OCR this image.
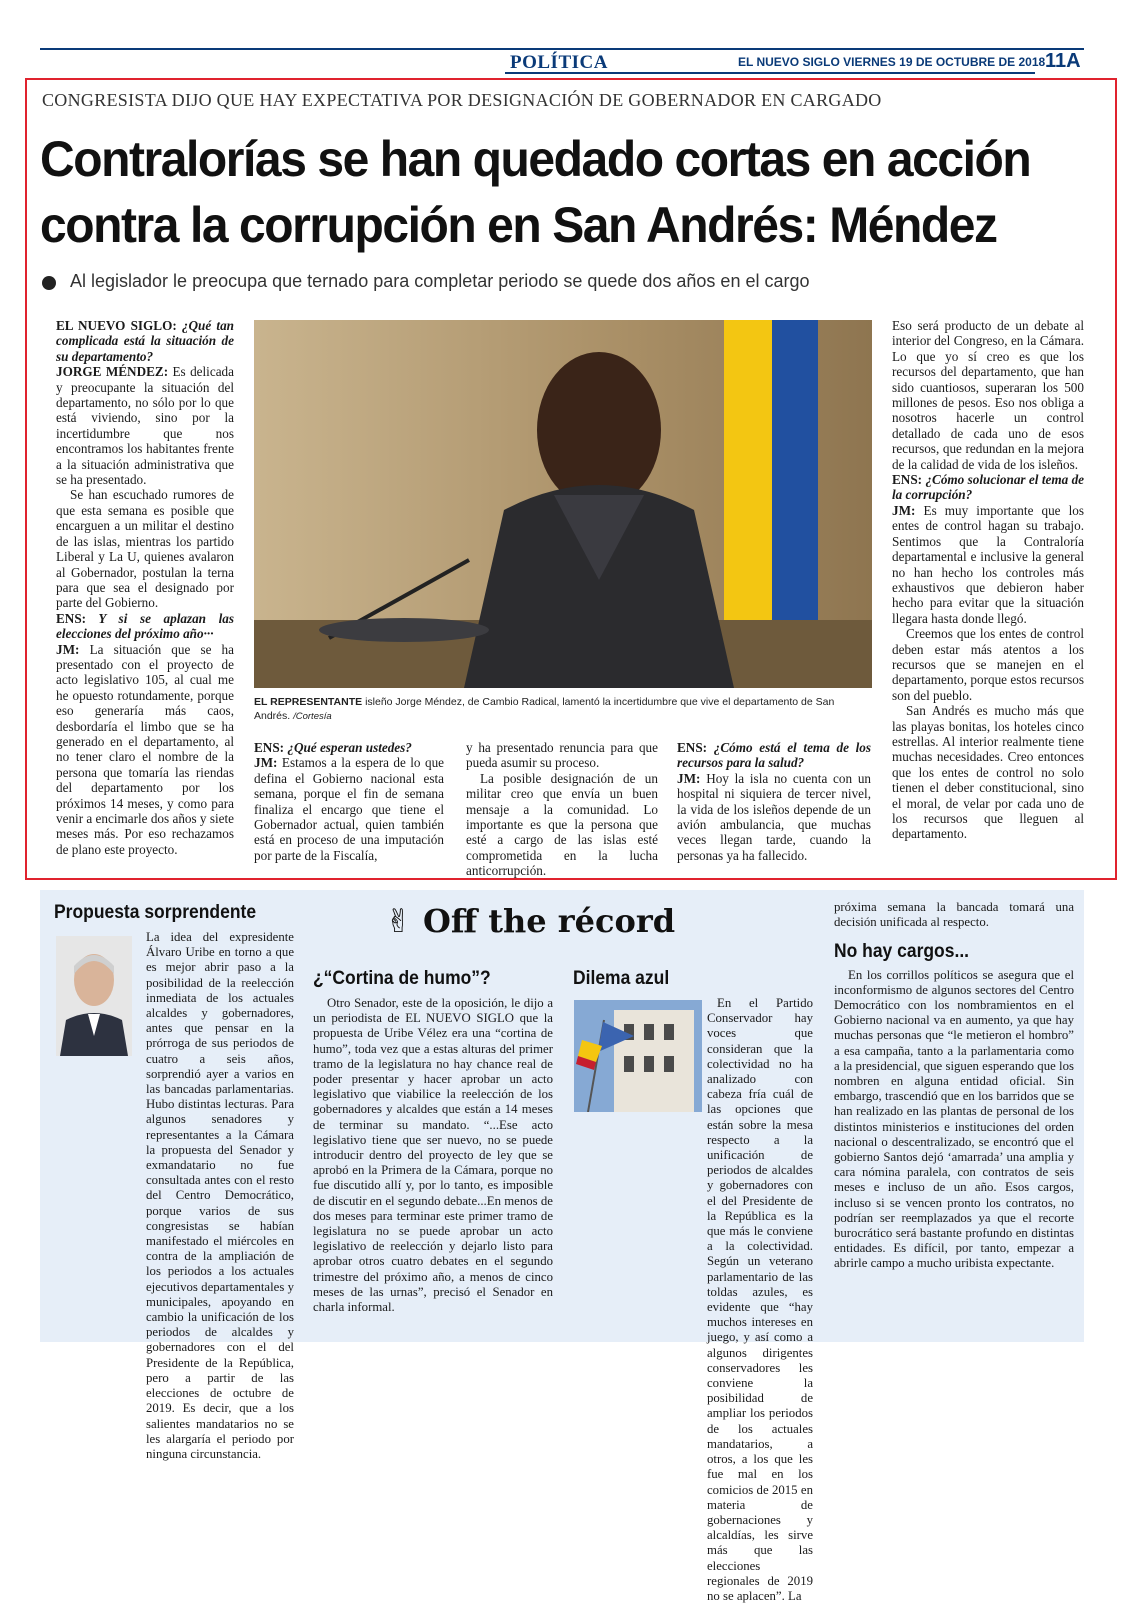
POLÍTICA	EL NUEVO SIGLO VIERNES 19 DE OCTUBRE DE 2018 11A
CONGRESISTA DIJO QUE HAY EXPECTATIVA POR DESIGNACIÓN DE GOBERNADOR EN CARGADO
Contralorías se han quedado cortas en acción
contra la corrupción en San Andrés: Méndez
Al legislador le preocupa que ternado para completar periodo se quede dos años en el cargo

EL NUEVO SIGLO: ¿Qué tan complicada está la situación de su departamento?

JORGE MÉNDEZ: Es delicada y preocupante la situación del departamento, no sólo por lo que está viviendo, sino por la incertidumbre que nos encontramos los habitantes frente a la situación administrativa que se ha presentado.

Se han escuchado rumores de que esta semana es posible que encarguen a un militar el destino de las islas, mientras los partido Liberal y La U, quienes avalaron al Gobernador, postulan la terna para que sea el designado por parte del Gobierno.

ENS: Y si se aplazan las elecciones del próximo año···

JM: La situación que se ha presentado con el proyecto de acto legislativo 105, al cual me he opuesto rotundamente, porque eso generaría más caos, desbordaría el limbo que se ha generado en el departamento, al no tener claro el nombre de la persona que tomaría las riendas del departamento por los próximos 14 meses, y como para venir a encimarle dos años y siete meses más. Por eso rechazamos de plano este proyecto.

EL REPRESENTANTE isleño Jorge Méndez, de Cambio Radical, lamentó la incertidumbre que vive el departamento de San Andrés. /Cortesía

ENS: ¿Qué esperan ustedes?

JM: Estamos a la espera de lo que defina el Gobierno nacional esta semana, porque el fin de semana finaliza el encargo que tiene el Gobernador actual, quien también está en proceso de una imputación por parte de la Fiscalía,

y ha presentado renuncia para que pueda asumir su proceso.

La posible designación de un militar creo que envía un buen mensaje a la comunidad. Lo importante es que la persona que esté a cargo de las islas esté comprometida en la lucha anticorrupción.

ENS: ¿Cómo está el tema de los recursos para la salud?

JM: Hoy la isla no cuenta con un hospital ni siquiera de tercer nivel, la vida de los isleños depende de un avión ambulancia, que muchas veces llegan tarde, cuando la personas ya ha fallecido.

Eso será producto de un debate al interior del Congreso, en la Cámara. Lo que yo sí creo es que los recursos del departamento, que han sido cuantiosos, superaran los 500 millones de pesos. Eso nos obliga a nosotros hacerle un control detallado de cada uno de esos recursos, que redundan en la mejora de la calidad de vida de los isleños.

ENS: ¿Cómo solucionar el tema de la corrupción?

JM: Es muy importante que los entes de control hagan su trabajo. Sentimos que la Contraloría departamental e inclusive la general no han hecho los controles más exhaustivos que debieron haber hecho para evitar que la situación llegara hasta donde llegó.

Creemos que los entes de control deben estar más atentos a los recursos que se manejen en el departamento, porque estos recursos son del pueblo.

San Andrés es mucho más que las playas bonitas, los hoteles cinco estrellas. Al interior realmente tiene muchas necesidades. Creo entonces que los entes de control no solo tienen el deber constitucional, sino el moral, de velar por cada uno de los recursos que lleguen al departamento.

✌ Off the récord
Propuesta sorprendente

La idea del expresidente Álvaro Uribe en torno a que es mejor abrir paso a la posibilidad de la reelección inmediata de los actuales alcaldes y gobernadores, antes que pensar en la prórroga de sus periodos de cuatro a seis años, sorprendió ayer a varios en las bancadas parlamentarias. Hubo distintas lecturas. Para algunos senadores y representantes a la Cámara la propuesta del Senador y exmandatario no fue consultada antes con el resto del Centro Democrático, porque varios de sus congresistas se habían manifestado el miércoles en contra de la ampliación de los periodos a los actuales ejecutivos departamentales y municipales, apoyando en cambio la unificación de los periodos de alcaldes y gobernadores con el del Presidente de la República, pero a partir de las elecciones de octubre de 2019. Es decir, que a los salientes mandatarios no se les alargaría el periodo por ninguna circunstancia.

¿“Cortina de humo”?

Otro Senador, este de la oposición, le dijo a un periodista de EL NUEVO SIGLO que la propuesta de Uribe Vélez era una “cortina de humo”, toda vez que a estas alturas del primer tramo de la legislatura no hay chance real de poder presentar y hacer aprobar un acto legislativo que viabilice la reelección de los gobernadores y alcaldes que están a 14 meses de terminar su mandato. “...Ese acto legislativo tiene que ser nuevo, no se puede introducir dentro del proyecto de ley que se aprobó en la Primera de la Cámara, porque no fue discutido allí y, por lo tanto, es imposible de discutir en el segundo debate...En menos de dos meses para terminar este primer tramo de legislatura no se puede aprobar un acto legislativo de reelección y dejarlo listo para aprobar otros cuatro debates en el segundo trimestre del próximo año, a menos de cinco meses de las urnas”, precisó el Senador en charla informal.

Dilema azul

En el Partido Conservador hay voces que consideran que la colectividad no ha analizado con cabeza fría cuál de las opciones que están sobre la mesa respecto a la unificación de periodos de alcaldes y gobernadores con el del Presidente de la República es la que más le conviene a la colectividad. Según un veterano parlamentario de las toldas azules, es evidente que “hay muchos intereses en juego, y así como a algunos dirigentes conservadores les conviene la posibilidad de ampliar los periodos de los actuales mandatarios, a otros, a los que les fue mal en los comicios de 2015 en materia de gobernaciones y alcaldías, les sirve más que las elecciones regionales de 2019 no se aplacen”. La

próxima semana la bancada tomará una decisión unificada al respecto.

No hay cargos...

En los corrillos políticos se asegura que el inconformismo de algunos sectores del Centro Democrático con los nombramientos en el Gobierno nacional va en aumento, ya que hay muchas personas que “le metieron el hombro” a esa campaña, tanto a la parlamentaria como a la presidencial, que siguen esperando que los nombren en alguna entidad oficial. Sin embargo, trascendió que en los barridos que se han realizado en las plantas de personal de los distintos ministerios e instituciones del orden nacional o descentralizado, se encontró que el gobierno Santos dejó ‘amarrada’ una amplia y cara nómina paralela, con contratos de seis meses e incluso de un año. Esos cargos, incluso si se vencen pronto los contratos, no podrían ser reemplazados ya que el recorte burocrático será bastante profundo en distintas entidades. Es difícil, por tanto, empezar a abrirle campo a mucho uribista expectante.
